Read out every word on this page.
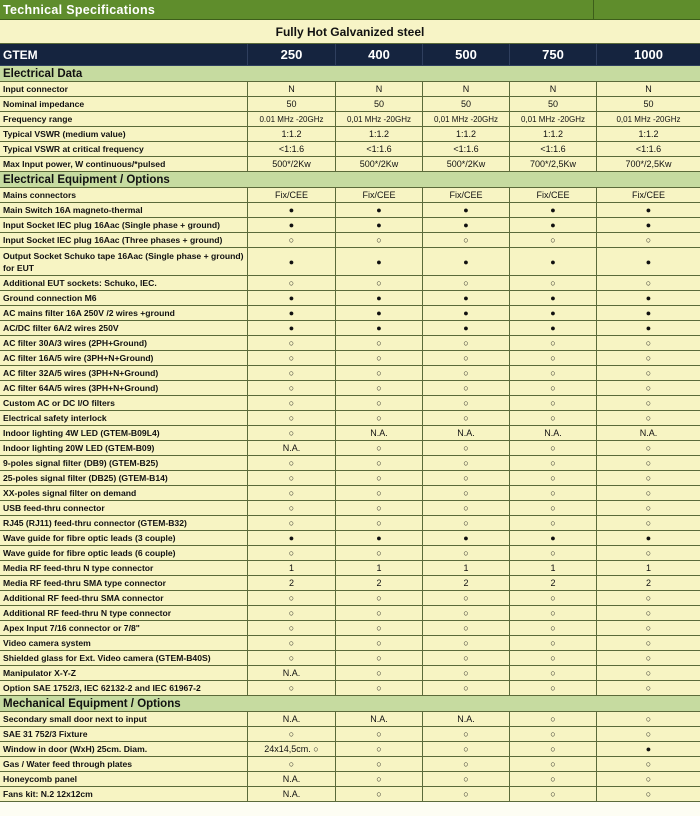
Technical Specifications
Fully Hot Galvanized steel
GTEM	250	400	500	750	1000
Electrical Data
Input connector	N	N	N	N	N
Nominal impedance	50	50	50	50	50
Frequency range	0.01 MHz -20GHz	0,01 MHz -20GHz	0,01 MHz -20GHz	0,01 MHz -20GHz	0,01 MHz -20GHz
Typical VSWR (medium value)	1:1.2	1:1.2	1:1.2	1:1.2	1:1.2
Typical VSWR at critical frequency	<1:1.6	<1:1.6	<1:1.6	<1:1.6	<1:1.6
Max Input power, W continuous/*pulsed	500*/2Kw	500*/2Kw	500*/2Kw	700*/2,5Kw	700*/2,5Kw
Electrical Equipment / Options
Mains connectors	Fix/CEE	Fix/CEE	Fix/CEE	Fix/CEE	Fix/CEE
Main Switch 16A magneto-thermal	●	●	●	●	●
Input Socket IEC plug 16Aac (Single phase + ground)	●	●	●	●	●
Input Socket IEC plug 16Aac (Three phases + ground)	○	○	○	○	○
Output Socket Schuko tape 16Aac (Single phase + ground) for EUT
●	●	●	●	●
Additional EUT sockets: Schuko, IEC.	○	○	○	○	○
Ground connection M6	●	●	●	●	●
AC mains filter 16A 250V /2 wires +ground	●	●	●	●	●
AC/DC filter 6A/2 wires 250V	●	●	●	●	●
AC filter 30A/3 wires (2PH+Ground)	○	○	○	○	○
AC filter 16A/5 wire (3PH+N+Ground)	○	○	○	○	○
AC filter 32A/5 wires (3PH+N+Ground)	○	○	○	○	○
AC filter 64A/5 wires (3PH+N+Ground)	○	○	○	○	○
Custom AC or DC I/O filters	○	○	○	○	○
Electrical safety interlock	○	○	○	○	○
Indoor lighting 4W LED (GTEM-B09L4)	○	N.A.	N.A.	N.A.	N.A.
Indoor lighting 20W LED (GTEM-B09)	N.A.	○	○	○	○
9-poles signal filter (DB9) (GTEM-B25)	○	○	○	○	○
25-poles signal filter (DB25) (GTEM-B14)	○	○	○	○	○
XX-poles signal filter on demand	○	○	○	○	○
USB feed-thru connector	○	○	○	○	○
RJ45 (RJ11) feed-thru connector (GTEM-B32)	○	○	○	○	○
Wave guide for fibre optic leads (3 couple)	●	●	●	●	●
Wave guide for fibre optic leads (6 couple)	○	○	○	○	○
Media RF feed-thru N type connector	1	1	1	1	1
Media RF feed-thru SMA type connector	2	2	2	2	2
Additional RF feed-thru SMA connector	○	○	○	○	○
Additional RF feed-thru N type connector	○	○	○	○	○
Apex Input 7/16 connector or 7/8"	○	○	○	○	○
Video camera system	○	○	○	○	○
Shielded glass for Ext. Video camera (GTEM-B40S)	○	○	○	○	○
Manipulator X-Y-Z	N.A.	○	○	○	○
Option SAE 1752/3, IEC 62132-2 and IEC 61967-2	○	○	○	○	○
Mechanical Equipment / Options
Secondary small door next to input	N.A.	N.A.	N.A.	○	○
SAE 31 752/3 Fixture	○	○	○	○	○
Window in door (WxH) 25cm. Diam.	24x14,5cm. ○	○	○	○	●
Gas / Water feed through plates	○	○	○	○	○
Honeycomb panel	N.A.	○	○	○	○
Fans kit: N.2 12x12cm	N.A.	○	○	○	○
